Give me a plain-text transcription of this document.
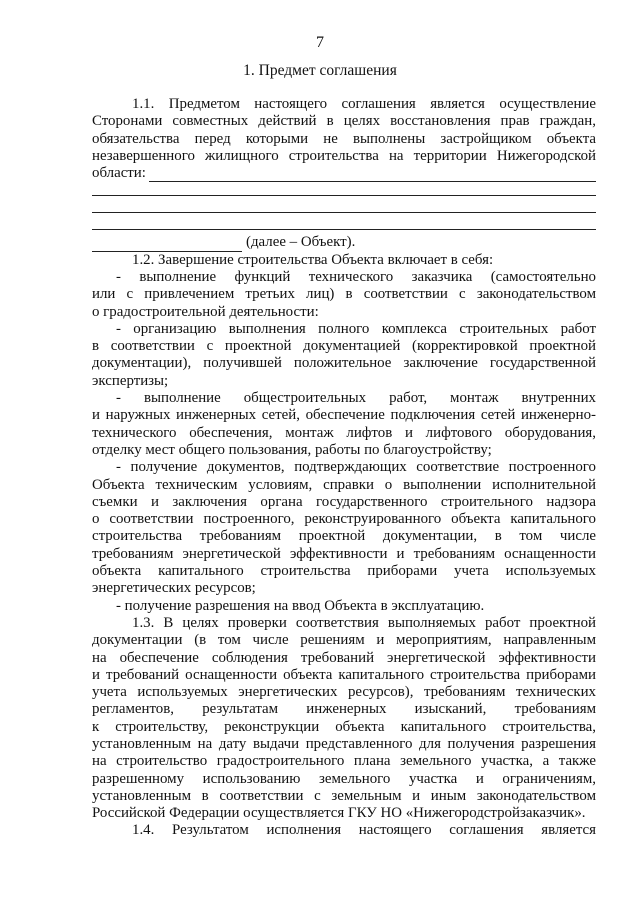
7
1. Предмет соглашения
1.1. Предметом настоящего соглашения является осуществление
Сторонами совместных действий в целях восстановления прав граждан,
обязательства перед которыми не выполнены застройщиком объекта
незавершенного жилищного строительства на территории Нижегородской
области:
(далее – Объект).
1.2. Завершение строительства Объекта включает в себя:
- выполнение функций технического заказчика (самостоятельно
или с привлечением третьих лиц) в соответствии с законодательством
о градостроительной деятельности:
- организацию выполнения полного комплекса строительных работ
в соответствии с проектной документацией (корректировкой проектной
документации), получившей положительное заключение государственной
экспертизы;
- выполнение общестроительных работ, монтаж внутренних
и наружных инженерных сетей, обеспечение подключения сетей инженерно-
технического обеспечения, монтаж лифтов и лифтового оборудования,
отделку мест общего пользования, работы по благоустройству;
- получение документов, подтверждающих соответствие построенного
Объекта техническим условиям, справки о выполнении исполнительной
съемки и заключения органа государственного строительного надзора
о соответствии построенного, реконструированного объекта капитального
строительства требованиям проектной документации, в том числе
требованиям энергетической эффективности и требованиям оснащенности
объекта капитального строительства приборами учета используемых
энергетических ресурсов;
- получение разрешения на ввод Объекта в эксплуатацию.
1.3. В целях проверки соответствия выполняемых работ проектной
документации (в том числе решениям и мероприятиям, направленным
на обеспечение соблюдения требований энергетической эффективности
и требований оснащенности объекта капитального строительства приборами
учета используемых энергетических ресурсов), требованиям технических
регламентов, результатам инженерных изысканий, требованиям
к строительству, реконструкции объекта капитального строительства,
установленным на дату выдачи представленного для получения разрешения
на строительство градостроительного плана земельного участка, а также
разрешенному использованию земельного участка и ограничениям,
установленным в соответствии с земельным и иным законодательством
Российской Федерации осуществляется ГКУ НО «Нижегородстройзаказчик».
1.4. Результатом исполнения настоящего соглашения является
